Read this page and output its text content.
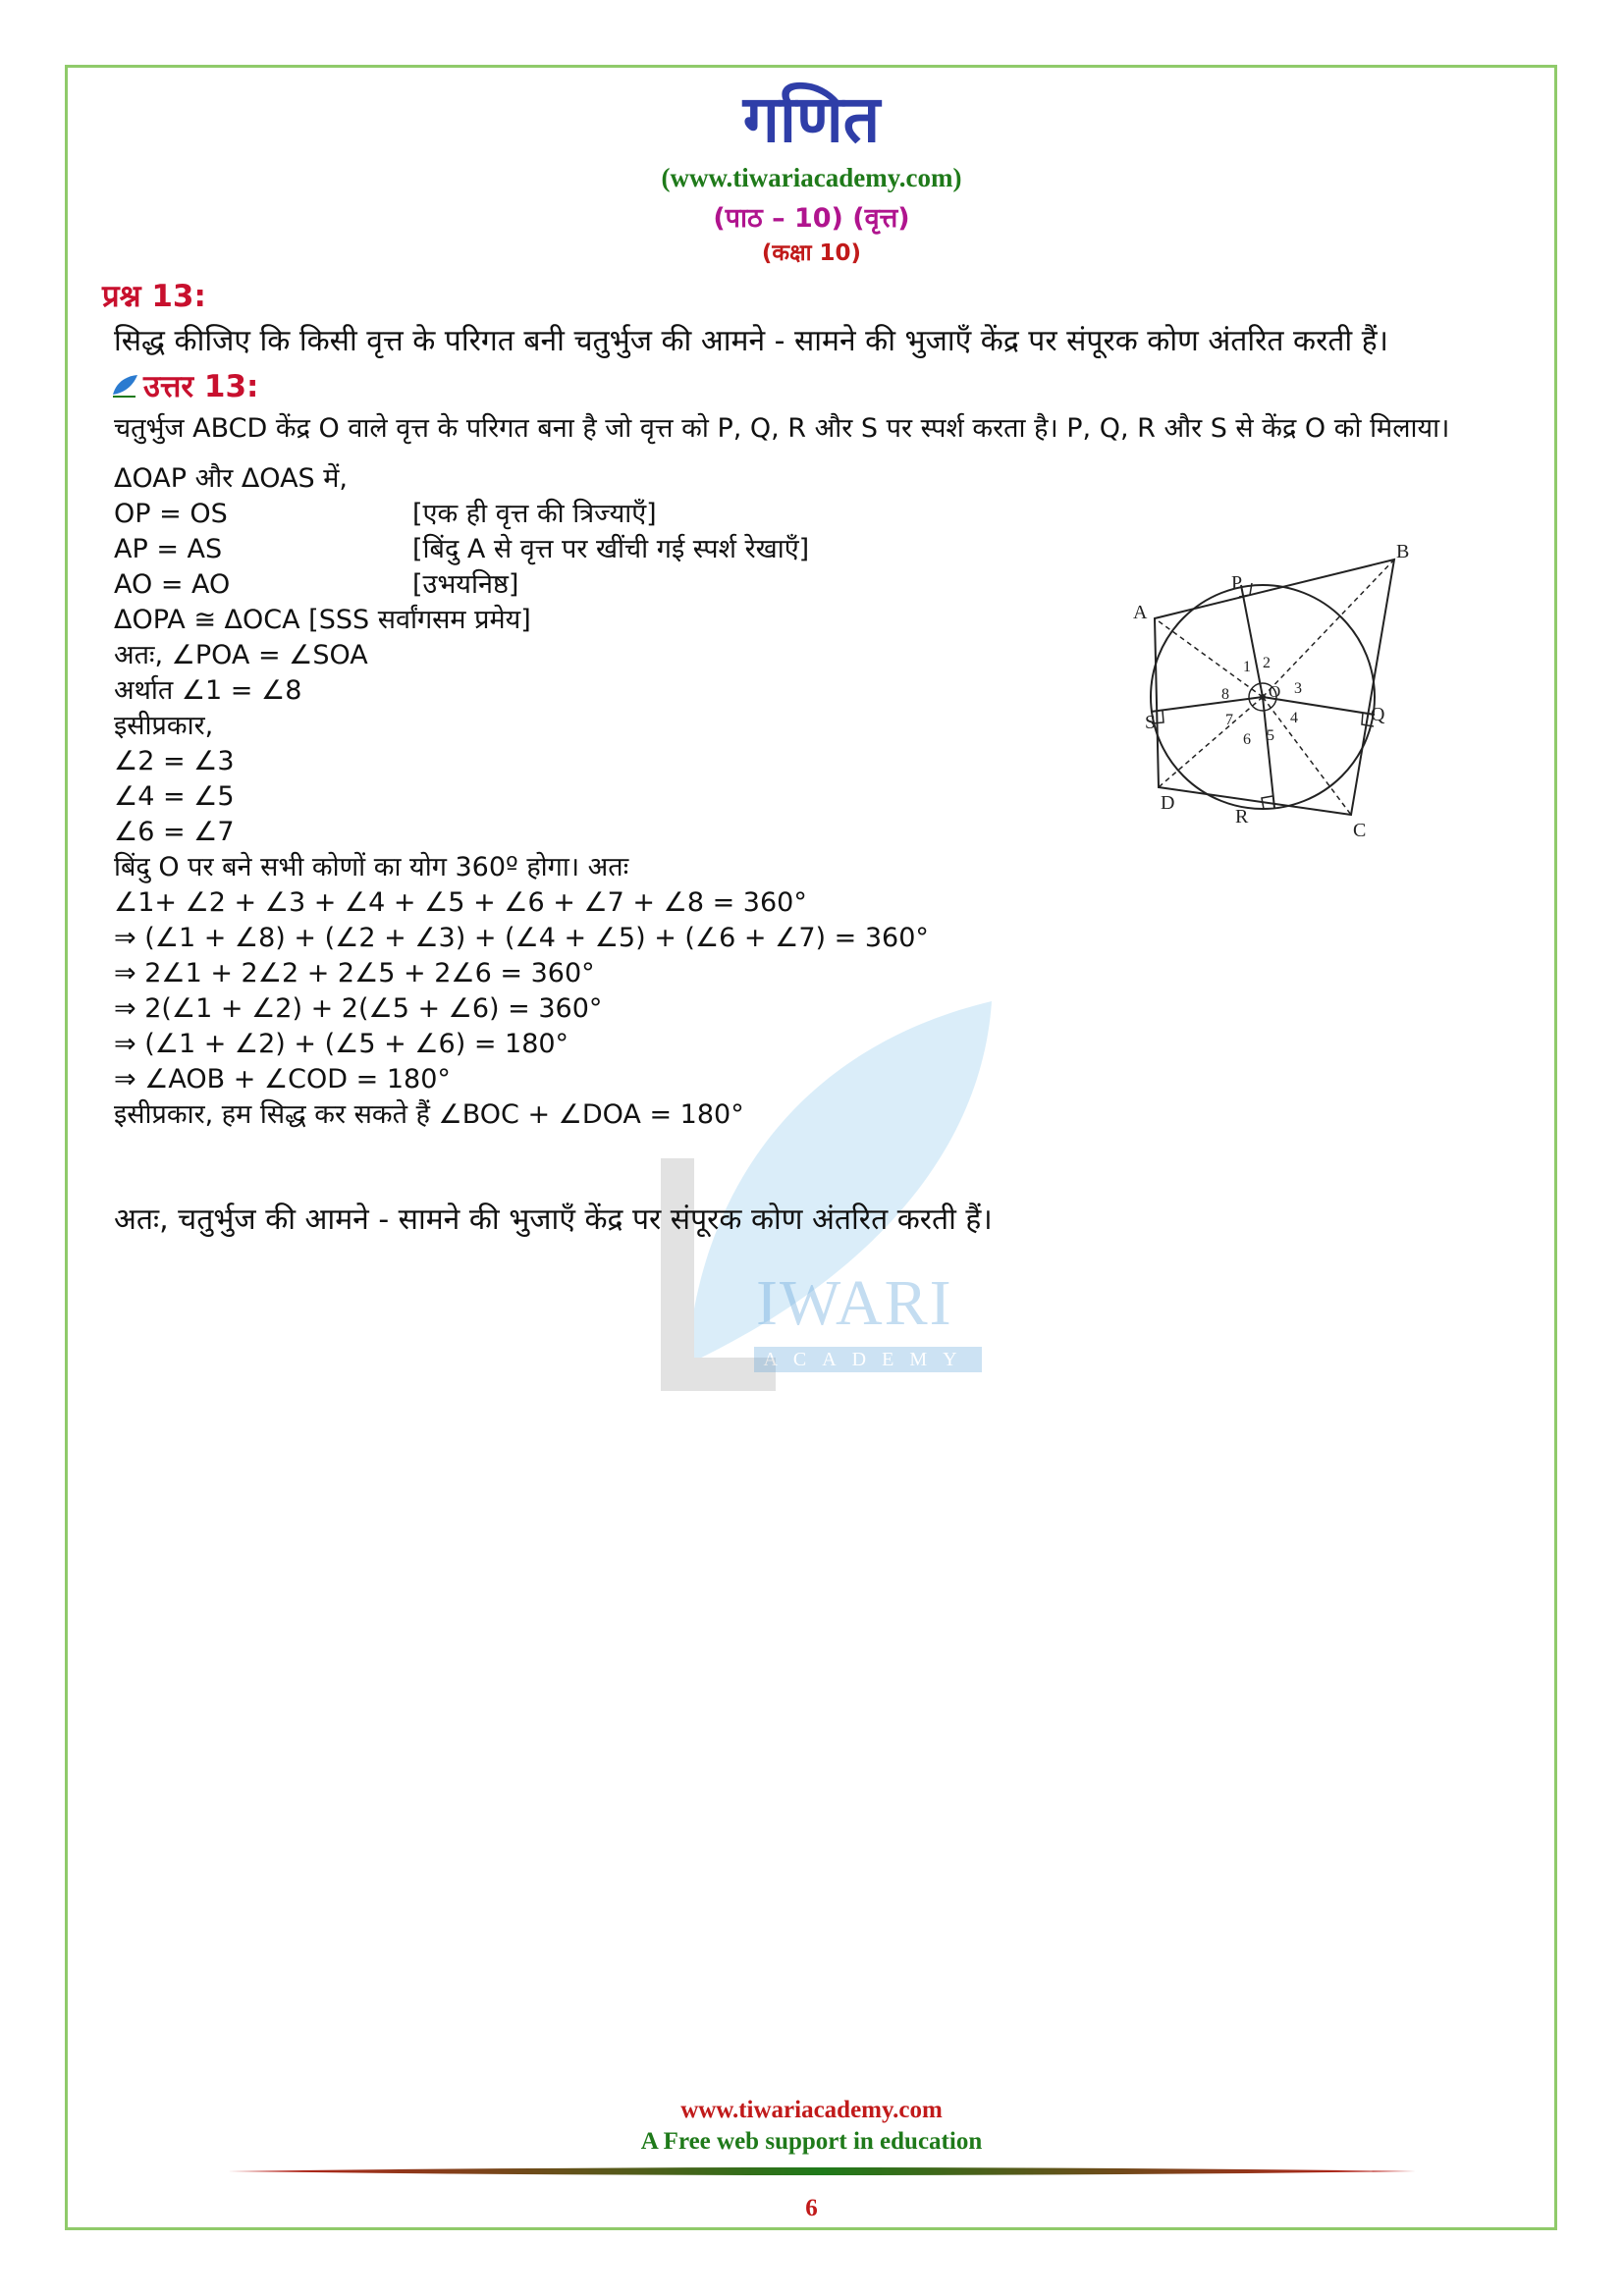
गणित
(www.tiwariacademy.com)
(पाठ – 10) (वृत्त)
(कक्षा 10)
प्रश्न 13:
सिद्ध कीजिए कि किसी वृत्त के परिगत बनी चतुर्भुज की आमने - सामने की भुजाएँ केंद्र पर संपूरक कोण अंतरित करती हैं।
उत्तर 13:
चतुर्भुज ABCD केंद्र O वाले वृत्त के परिगत बना है जो वृत्त को P, Q, R और S पर स्पर्श करता है। P, Q, R और S से केंद्र O को मिलाया।
IWARI
ACADEMY
ΔOAP और ΔOAS में,
OP = OS	[एक ही वृत्त की त्रिज्याएँ]
AP = AS	[बिंदु A से वृत्त पर खींची गई स्पर्श रेखाएँ]
AO = AO	[उभयनिष्ठ]
ΔOPA ≅ ΔOCA [SSS सर्वांगसम प्रमेय]
अतः, ∠POA = ∠SOA
अर्थात ∠1 = ∠8
इसीप्रकार,
∠2 = ∠3
∠4 = ∠5
∠6 = ∠7
बिंदु O पर बने सभी कोणों का योग 360º होगा। अतः
∠1+ ∠2 + ∠3 + ∠4 + ∠5 + ∠6 + ∠7 + ∠8 = 360°
⇒ (∠1 + ∠8) + (∠2 + ∠3) + (∠4 + ∠5) + (∠6 + ∠7) = 360°
⇒ 2∠1 + 2∠2 + 2∠5 + 2∠6 = 360°
⇒ 2(∠1 + ∠2) + 2(∠5 + ∠6) = 360°
⇒ (∠1 + ∠2) + (∠5 + ∠6) = 180°
⇒ ∠AOB + ∠COD = 180°
इसीप्रकार, हम सिद्ध कर सकते हैं ∠BOC + ∠DOA = 180°
अतः, चतुर्भुज की आमने - सामने की भुजाएँ केंद्र पर संपूरक कोण अंतरित करती हैं।
A
B
C
D
P
Q
R
S
O
1 2
3
4
5
6
7
8
www.tiwariacademy.com
A Free web support in education
6
